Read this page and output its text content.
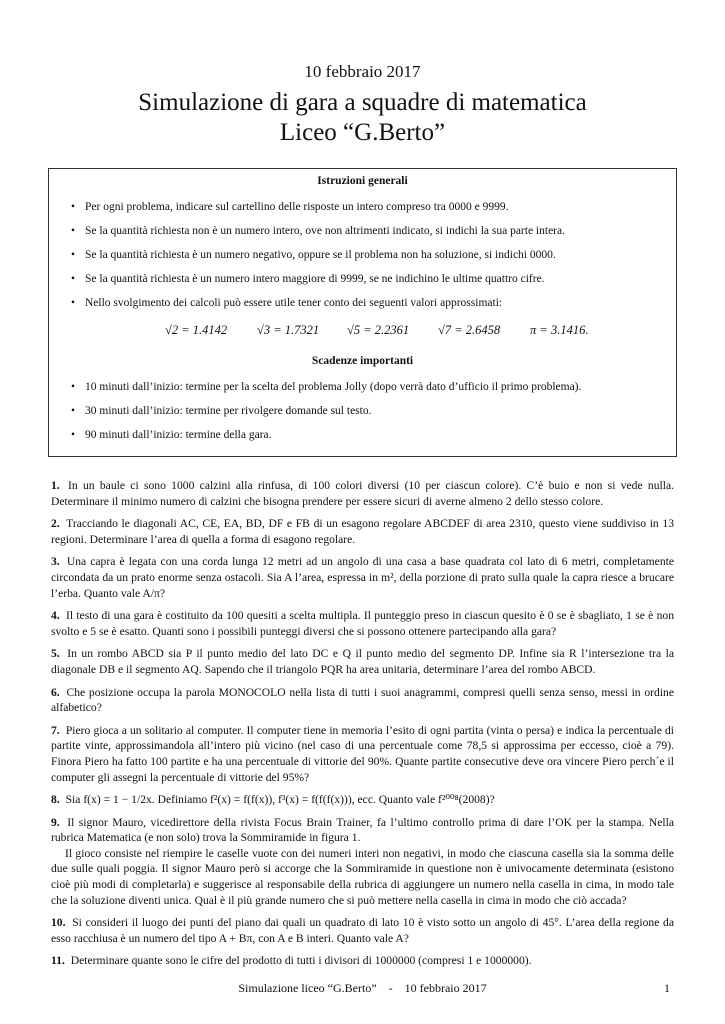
10 febbraio 2017
Simulazione di gara a squadre di matematica
Liceo “G.Berto”
Istruzioni generali
• Per ogni problema, indicare sul cartellino delle risposte un intero compreso tra 0000 e 9999.
• Se la quantità richiesta non è un numero intero, ove non altrimenti indicato, si indichi la sua parte intera.
• Se la quantità richiesta è un numero negativo, oppure se il problema non ha soluzione, si indichi 0000.
• Se la quantità richiesta è un numero intero maggiore di 9999, se ne indichino le ultime quattro cifre.
• Nello svolgimento dei calcoli può essere utile tener conto dei seguenti valori approssimati:
√2 = 1.4142 √3 = 1.7321 √5 = 2.2361 √7 = 2.6458 π = 3.1416.
Scadenze importanti
• 10 minuti dall’inizio: termine per la scelta del problema Jolly (dopo verrà dato d’ufficio il primo problema).
• 30 minuti dall’inizio: termine per rivolgere domande sul testo.
• 90 minuti dall’inizio: termine della gara.
1. In un baule ci sono 1000 calzini alla rinfusa, di 100 colori diversi (10 per ciascun colore). C’è buio e non si vede nulla. Determinare il minimo numero di calzini che bisogna prendere per essere sicuri di averne almeno 2 dello stesso colore.
2. Tracciando le diagonali AC, CE, EA, BD, DF e FB di un esagono regolare ABCDEF di area 2310, questo viene suddiviso in 13 regioni. Determinare l’area di quella a forma di esagono regolare.
3. Una capra è legata con una corda lunga 12 metri ad un angolo di una casa a base quadrata col lato di 6 metri, completamente circondata da un prato enorme senza ostacoli. Sia A l’area, espressa in m², della porzione di prato sulla quale la capra riesce a brucare l’erba. Quanto vale A/π?
4. Il testo di una gara è costituito da 100 quesiti a scelta multipla. Il punteggio preso in ciascun quesito è 0 se è sbagliato, 1 se è non svolto e 5 se è esatto. Quanti sono i possibili punteggi diversi che si possono ottenere partecipando alla gara?
5. In un rombo ABCD sia P il punto medio del lato DC e Q il punto medio del segmento DP. Infine sia R l’intersezione tra la diagonale DB e il segmento AQ. Sapendo che il triangolo PQR ha area unitaria, determinare l’area del rombo ABCD.
6. Che posizione occupa la parola MONOCOLO nella lista di tutti i suoi anagrammi, compresi quelli senza senso, messi in ordine alfabetico?
7. Piero gioca a un solitario al computer. Il computer tiene in memoria l’esito di ogni partita (vinta o persa) e indica la percentuale di partite vinte, approssimandola all’intero più vicino (nel caso di una percentuale come 78,5 si approssima per eccesso, cioè a 79). Finora Piero ha fatto 100 partite e ha una percentuale di vittorie del 90%. Quante partite consecutive deve ora vincere Piero perch´e il computer gli assegni la percentuale di vittorie del 95%?
8. Sia f(x) = 1 − 1/2x. Definiamo f²(x) = f(f(x)), f³(x) = f(f(f(x))), ecc. Quanto vale f²⁰⁰⁸(2008)?
9. Il signor Mauro, vicedirettore della rivista Focus Brain Trainer, fa l’ultimo controllo prima di dare l’OK per la stampa. Nella rubrica Matematica (e non solo) trova la Sommiramide in figura 1.

Il gioco consiste nel riempire le caselle vuote con dei numeri interi non negativi, in modo che ciascuna casella sia la somma delle due sulle quali poggia. Il signor Mauro però si accorge che la Sommiramide in questione non è univocamente determinata (esistono cioè più modi di completarla) e suggerisce al responsabile della rubrica di aggiungere un numero nella casella in cima, in modo tale che la soluzione diventi unica. Qual è il più grande numero che si può mettere nella casella in cima in modo che ciò accada?

10. Si consideri il luogo dei punti del piano dai quali un quadrato di lato 10 è visto sotto un angolo di 45°. L’area della regione da esso racchiusa è un numero del tipo A + Bπ, con A e B interi. Quanto vale A?
11. Determinare quante sono le cifre del prodotto di tutti i divisori di 1000000 (compresi 1 e 1000000).
Simulazione liceo “G.Berto”    -    10 febbraio 2017	1
